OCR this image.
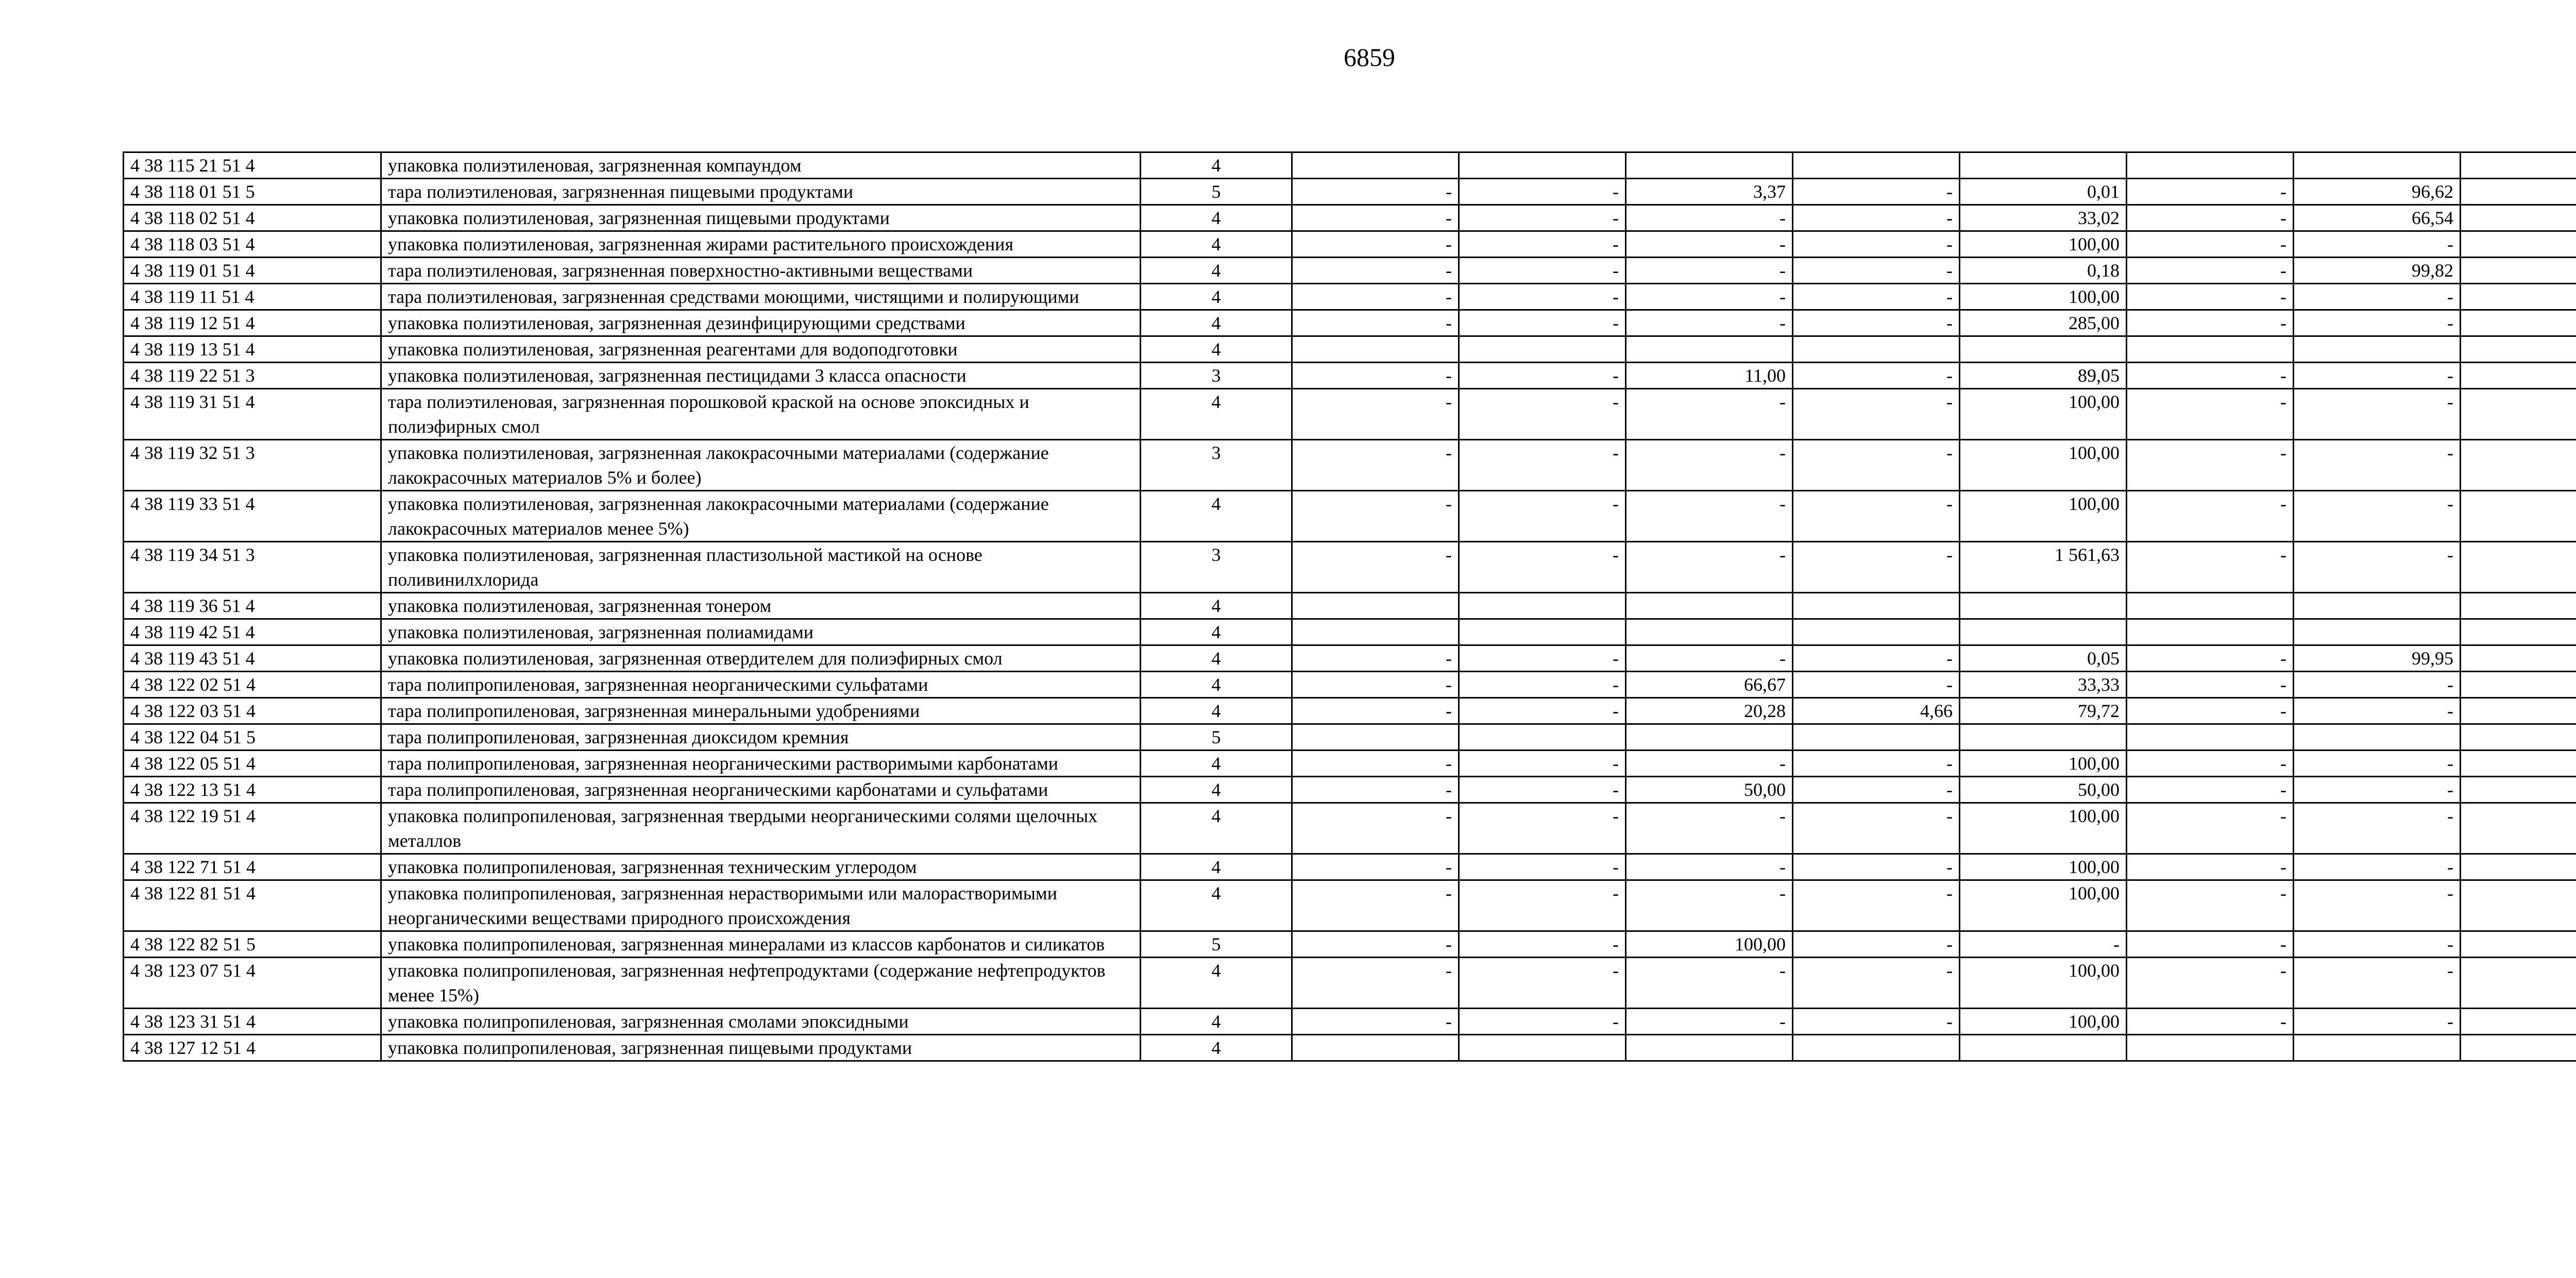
6859
4 38 115 21 51 4	упаковка полиэтиленовая, загрязненная компаундом	4								
4 38 118 01 51 5	тара полиэтиленовая, загрязненная пищевыми продуктами	5	-	-	3,37	-	0,01	-	96,62	
4 38 118 02 51 4	упаковка полиэтиленовая, загрязненная пищевыми продуктами	4	-	-	-	-	33,02	-	66,54	
4 38 118 03 51 4	упаковка полиэтиленовая, загрязненная жирами растительного происхождения	4	-	-	-	-	100,00	-	-	
4 38 119 01 51 4	тара полиэтиленовая, загрязненная поверхностно-активными веществами	4	-	-	-	-	0,18	-	99,82	
4 38 119 11 51 4	тара полиэтиленовая, загрязненная средствами моющими, чистящими и полирующими	4	-	-	-	-	100,00	-	-	
4 38 119 12 51 4	упаковка полиэтиленовая, загрязненная дезинфицирующими средствами	4	-	-	-	-	285,00	-	-	
4 38 119 13 51 4	упаковка полиэтиленовая, загрязненная реагентами для водоподготовки	4								
4 38 119 22 51 3	упаковка полиэтиленовая, загрязненная пестицидами 3 класса опасности	3	-	-	11,00	-	89,05	-	-	
4 38 119 31 51 4	тара полиэтиленовая, загрязненная порошковой краской на основе эпоксидных и полиэфирных смол	4	-	-	-	-	100,00	-	-	
4 38 119 32 51 3	упаковка полиэтиленовая, загрязненная лакокрасочными материалами (содержание лакокрасочных материалов 5% и более)	3	-	-	-	-	100,00	-	-	
4 38 119 33 51 4	упаковка полиэтиленовая, загрязненная лакокрасочными материалами (содержание лакокрасочных материалов менее 5%)	4	-	-	-	-	100,00	-	-	
4 38 119 34 51 3	упаковка полиэтиленовая, загрязненная пластизольной мастикой на основе поливинилхлорида	3	-	-	-	-	1 561,63	-	-	
4 38 119 36 51 4	упаковка полиэтиленовая, загрязненная тонером	4								
4 38 119 42 51 4	упаковка полиэтиленовая, загрязненная полиамидами	4								
4 38 119 43 51 4	упаковка полиэтиленовая, загрязненная отвердителем для полиэфирных смол	4	-	-	-	-	0,05	-	99,95	
4 38 122 02 51 4	тара полипропиленовая, загрязненная неорганическими сульфатами	4	-	-	66,67	-	33,33	-	-	
4 38 122 03 51 4	тара полипропиленовая, загрязненная минеральными удобрениями	4	-	-	20,28	4,66	79,72	-	-	
4 38 122 04 51 5	тара полипропиленовая, загрязненная диоксидом кремния	5								
4 38 122 05 51 4	тара полипропиленовая, загрязненная неорганическими растворимыми карбонатами	4	-	-	-	-	100,00	-	-	
4 38 122 13 51 4	тара полипропиленовая, загрязненная неорганическими карбонатами и сульфатами	4	-	-	50,00	-	50,00	-	-	
4 38 122 19 51 4	упаковка полипропиленовая, загрязненная твердыми неорганическими солями щелочных металлов	4	-	-	-	-	100,00	-	-	
4 38 122 71 51 4	упаковка полипропиленовая, загрязненная техническим углеродом	4	-	-	-	-	100,00	-	-	
4 38 122 81 51 4	упаковка полипропиленовая, загрязненная нерастворимыми или малорастворимыми неорганическими веществами природного происхождения	4	-	-	-	-	100,00	-	-	
4 38 122 82 51 5	упаковка полипропиленовая, загрязненная минералами из классов карбонатов и силикатов	5	-	-	100,00	-	-	-	-	
4 38 123 07 51 4	упаковка полипропиленовая, загрязненная нефтепродуктами (содержание нефтепродуктов менее 15%)	4	-	-	-	-	100,00	-	-	
4 38 123 31 51 4	упаковка полипропиленовая, загрязненная смолами эпоксидными	4	-	-	-	-	100,00	-	-	
4 38 127 12 51 4	упаковка полипропиленовая, загрязненная пищевыми продуктами	4								
